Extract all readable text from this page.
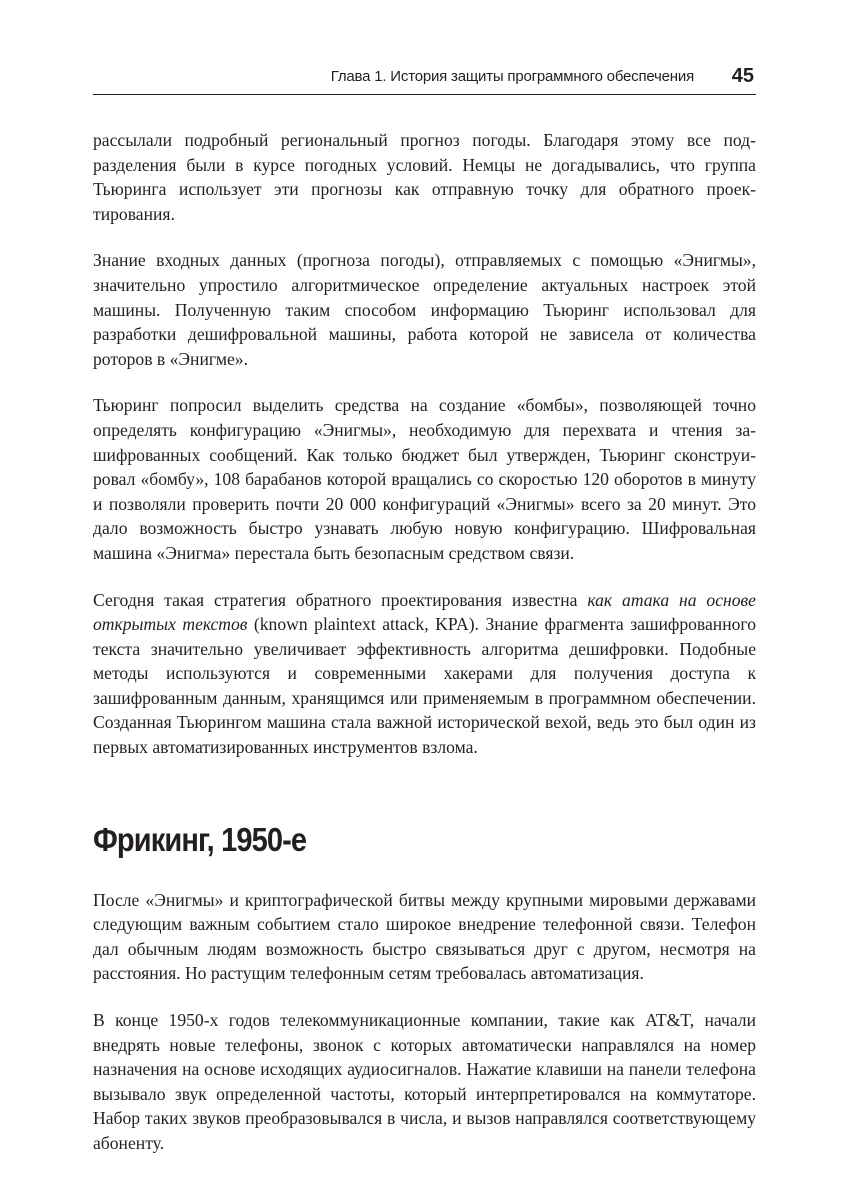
Глава 1. История защиты программного обеспечения 45

рассылали подробный региональный прогноз погоды. Благодаря этому все подразделения были в курсе погодных условий. Немцы не догадывались, что группа Тьюринга использует эти прогнозы как отправную точку для обратного проектирования.

Знание входных данных (прогноза погоды), отправляемых с помощью «Энигмы», значительно упростило алгоритмическое определение актуальных настроек этой машины. Полученную таким способом информацию Тьюринг использовал для разработки дешифровальной машины, работа которой не зависела от количества роторов в «Энигме».

Тьюринг попросил выделить средства на создание «бомбы», позволяющей точно определять конфигурацию «Энигмы», необходимую для перехвата и чтения зашифрованных сообщений. Как только бюджет был утвержден, Тьюринг сконструировал «бомбу», 108 барабанов которой вращались со скоростью 120 оборотов в минуту и позволяли проверить почти 20 000 конфигураций «Энигмы» всего за 20 минут. Это дало возможность быстро узнавать любую новую конфигурацию. Шифровальная машина «Энигма» перестала быть безопасным средством связи.

Сегодня такая стратегия обратного проектирования известна как атака на основе открытых текстов (known plaintext attack, KPA). Знание фрагмента зашифрованного текста значительно увеличивает эффективность алгоритма дешифровки. Подобные методы используются и современными хакерами для получения доступа к зашифрованным данным, хранящимся или применяемым в программном обеспечении. Созданная Тьюрингом машина стала важной исторической вехой, ведь это был один из первых автоматизированных инструментов взлома.

Фрикинг, 1950-е

После «Энигмы» и криптографической битвы между крупными мировыми державами следующим важным событием стало широкое внедрение телефонной связи. Телефон дал обычным людям возможность быстро связываться друг с другом, несмотря на расстояния. Но растущим телефонным сетям требовалась автоматизация.

В конце 1950-х годов телекоммуникационные компании, такие как AT&T, начали внедрять новые телефоны, звонок с которых автоматически направлялся на номер назначения на основе исходящих аудиосигналов. Нажатие клавиши на панели телефона вызывало звук определенной частоты, который интерпретировался на коммутаторе. Набор таких звуков преобразовывался в числа, и вызов направлялся соответствующему абоненту.
